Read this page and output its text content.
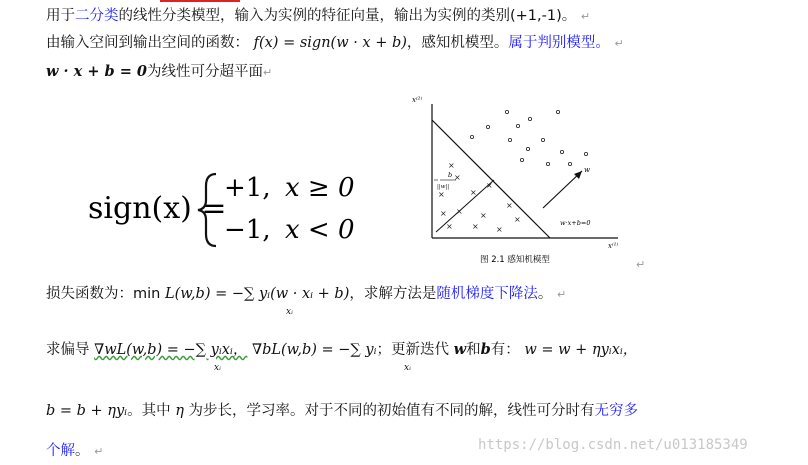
用于二分类的线性分类模型，输入为实例的特征向量，输出为实例的类别(+1,-1)。 ↵
由输入空间到输出空间的函数： f(x) = sign(w · x + b)，感知机模型。属于判别模型。 ↵
w · x + b = 0为线性可分超平面↵
sign(x) =
+1, x ≥ 0
−1, x < 0
x⁽²⁾
x⁽¹⁾
w
w·x+b=0
b
||w||
×
×
×	×
×
× × ×
×
×
×
×
×
图 2.1 感知机模型	↵
损失函数为：min L(w,b) = −∑ yᵢ(w · xᵢ + b)，求解方法是随机梯度下降法。 ↵
xᵢ
求偏导 ∇wL(w,b) = −∑ yᵢxᵢ， ∇bL(w,b) = −∑ yᵢ；更新迭代 w和b有： w = w + ηyᵢxᵢ，
xᵢ	xᵢ
b = b + ηyᵢ。其中 η 为步长，学习率。对于不同的初始值有不同的解，线性可分时有无穷多
个解。 ↵	https://blog.csdn.net/u013185349
